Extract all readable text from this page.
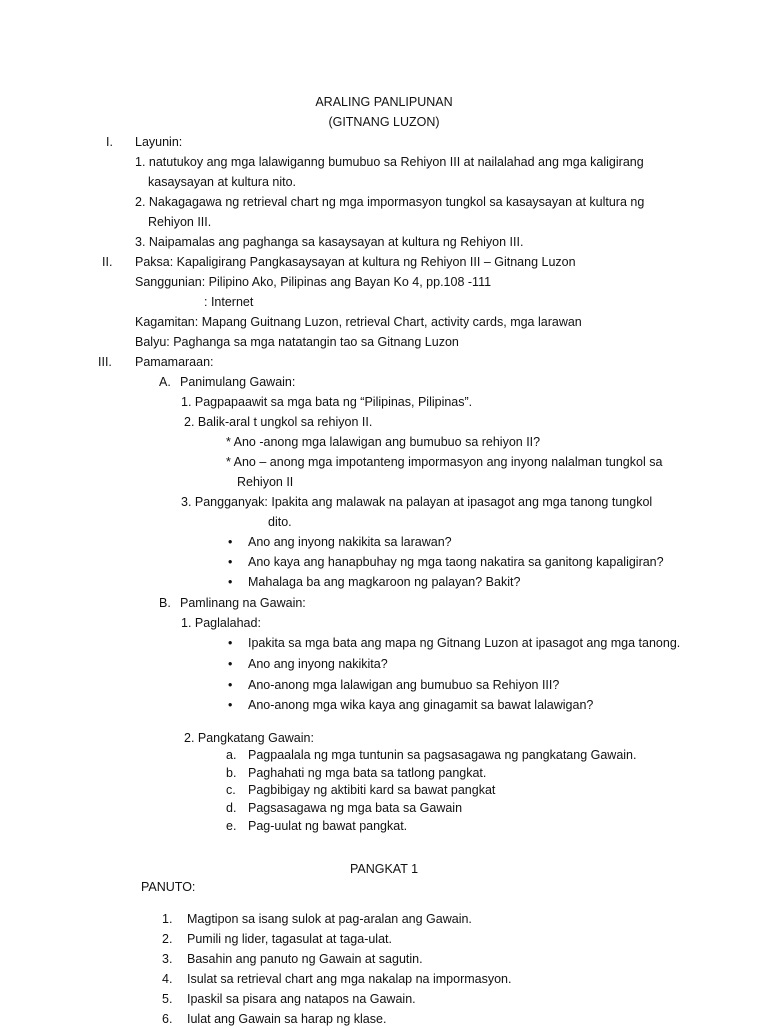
ARALING PANLIPUNAN
(GITNANG LUZON)
I. Layunin:
1. natutukoy ang mga lalawiganng bumubuo sa Rehiyon III at nailalahad ang mga kaligirang
kasaysayan at kultura nito.
2. Nakagagawa ng retrieval chart ng mga impormasyon tungkol sa kasaysayan at kultura ng
Rehiyon III.
3. Naipamalas ang paghanga sa kasaysayan at kultura ng Rehiyon III.
II. Paksa: Kapaligirang Pangkasaysayan at kultura ng Rehiyon III – Gitnang Luzon
Sanggunian: Pilipino Ako, Pilipinas ang Bayan Ko 4, pp.108 -111
: Internet
Kagamitan: Mapang Guitnang Luzon, retrieval Chart, activity cards, mga larawan
Balyu: Paghanga sa mga natatangin tao sa Gitnang Luzon
III. Pamamaraan:
A. Panimulang Gawain:
1. Pagpapaawit sa mga bata ng “Pilipinas, Pilipinas”.
2. Balik-aral t ungkol sa rehiyon II.
* Ano -anong mga lalawigan ang bumubuo sa rehiyon II?
* Ano – anong mga impotanteng impormasyon ang inyong nalalman tungkol sa
Rehiyon II
3. Pangganyak: Ipakita ang malawak na palayan at ipasagot ang mga tanong tungkol
dito.
• Ano ang inyong nakikita sa larawan?
• Ano kaya ang hanapbuhay ng mga taong nakatira sa ganitong kapaligiran?
• Mahalaga ba ang magkaroon ng palayan? Bakit?
B. Pamlinang na Gawain:
1. Paglalahad:
• Ipakita sa mga bata ang mapa ng Gitnang Luzon at ipasagot ang mga tanong.
• Ano ang inyong nakikita?
• Ano-anong mga lalawigan ang bumubuo sa Rehiyon III?
• Ano-anong mga wika kaya ang ginagamit sa bawat lalawigan?
2. Pangkatang Gawain:
a. Pagpaalala ng mga tuntunin sa pagsasagawa ng pangkatang Gawain.
b. Paghahati ng mga bata sa tatlong pangkat.
c. Pagbibigay ng aktibiti kard sa bawat pangkat
d. Pagsasagawa ng mga bata sa Gawain
e. Pag-uulat ng bawat pangkat.
PANGKAT 1
PANUTO:
1. Magtipon sa isang sulok at pag-aralan ang Gawain.
2. Pumili ng lider, tagasulat at taga-ulat.
3. Basahin ang panuto ng Gawain at sagutin.
4. Isulat sa retrieval chart ang mga nakalap na impormasyon.
5. Ipaskil sa pisara ang natapos na Gawain.
6. Iulat ang Gawain sa harap ng klase.
